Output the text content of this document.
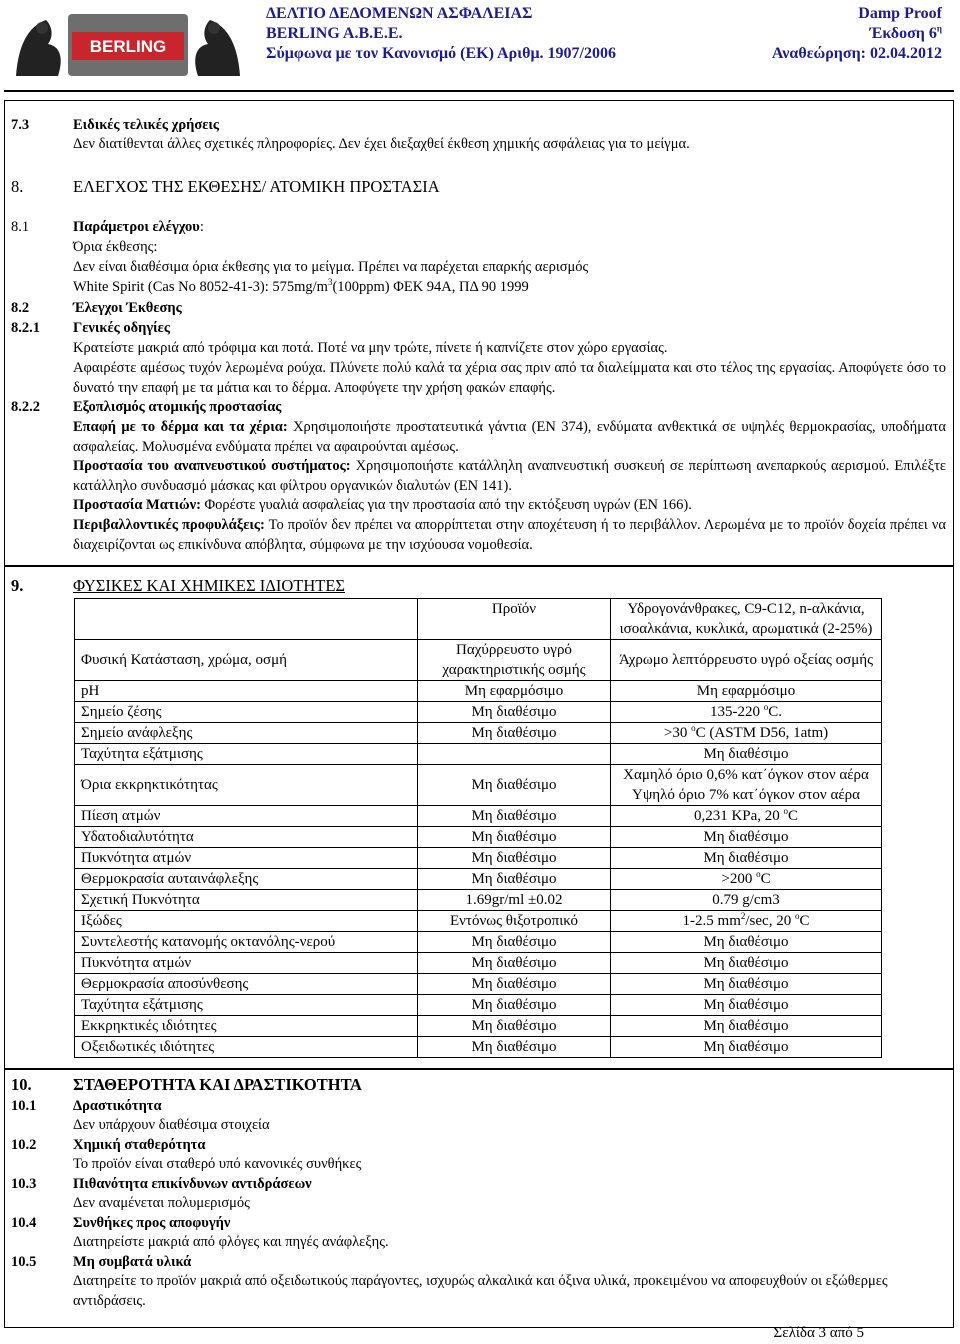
BERLING
ΔΕΛΤΙΟ ΔΕΔΟΜΕΝΩΝ ΑΣΦΑΛΕΙΑΣ
BERLING A.B.E.E.
Σύμφωνα με τον Κανονισμό (ΕΚ) Αριθμ. 1907/2006
Damp Proof
Έκδοση $6^\eta$
Αναθεώρηση: 02.04.2012
7.3	Ειδικές τελικές χρήσεις
Δεν διατίθενται άλλες σχετικές πληροφορίες. Δεν έχει διεξαχθεί έκθεση χημικής ασφάλειας για το μείγμα.
8.	ΕΛΕΓΧΟΣ ΤΗΣ ΕΚΘΕΣΗΣ/ ΑΤΟΜΙΚΗ ΠΡΟΣΤΑΣΙΑ
8.1	Παράμετροι ελέγχου:
Όρια έκθεσης:
Δεν είναι διαθέσιμα όρια έκθεσης για το μείγμα. Πρέπει να παρέχεται επαρκής αερισμός
White Spirit (Cas No 8052-41-3): $575mg/m^3(100ppm)$ ΦΕΚ 94Α, ΠΔ 90 1999
8.2	Έλεγχοι Έκθεσης
8.2.1	Γενικές οδηγίες
Κρατείστε μακριά από τρόφιμα και ποτά. Ποτέ να μην τρώτε, πίνετε ή καπνίζετε στον χώρο εργασίας.
Αφαιρέστε αμέσως τυχόν λερωμένα ρούχα. Πλύνετε πολύ καλά τα χέρια σας πριν από τα διαλείμματα και στο τέλος της εργασίας. Αποφύγετε όσο το δυνατό την επαφή με τα μάτια και το δέρμα. Αποφύγετε την χρήση φακών επαφής.
8.2.2	Εξοπλισμός ατομικής προστασίας
Επαφή με το δέρμα και τα χέρια: Χρησιμοποιήστε προστατευτικά γάντια (EN 374), ενδύματα ανθεκτικά σε υψηλές θερμοκρασίας, υποδήματα ασφαλείας. Μολυσμένα ενδύματα πρέπει να αφαιρούνται αμέσως.
Προστασία του αναπνευστικού συστήματος: Χρησιμοποιήστε κατάλληλη αναπνευστική συσκευή σε περίπτωση ανεπαρκούς αερισμού. Επιλέξτε κατάλληλο συνδυασμό μάσκας και φίλτρου οργανικών διαλυτών (ΕΝ 141).
Προστασία Ματιών: Φορέστε γυαλιά ασφαλείας για την προστασία από την εκτόξευση υγρών (ΕΝ 166).
Περιβαλλοντικές προφυλάξεις: Το προϊόν δεν πρέπει να απορρίπτεται στην αποχέτευση ή το περιβάλλον. Λερωμένα με το προϊόν δοχεία πρέπει να διαχειρίζονται ως επικίνδυνα απόβλητα, σύμφωνα με την ισχύουσα νομοθεσία.
9.	ΦΥΣΙΚΕΣ ΚΑΙ ΧΗΜΙΚΕΣ ΙΔΙΟΤΗΤΕΣ
	Προϊόν	Υδρογονάνθρακες, C9-C12, n-αλκάνια, ισοαλκάνια, κυκλικά, αρωματικά (2-25%)
Φυσική Κατάσταση, χρώμα, οσμή	Παχύρρευστο υγρό χαρακτηριστικής οσμής	Άχρωμο λεπτόρρευστο υγρό οξείας οσμής
pH	Μη εφαρμόσιμο	Μη εφαρμόσιμο
Σημείο ζέσης	Μη διαθέσιμο	135-220 $^o$C.
Σημείο ανάφλεξης	Μη διαθέσιμο	>30 $^o$C (ASTM D56, 1atm)
Ταχύτητα εξάτμισης		Μη διαθέσιμο
Όρια εκκρηκτικότητας	Μη διαθέσιμο	Χαμηλό όριο 0,6% κατ΄όγκον στον αέρα
Υψηλό όριο 7% κατ΄όγκον στον αέρα
Πίεση ατμών	Μη διαθέσιμο	0,231 KPa, 20 $^o$C
Υδατοδιαλυτότητα	Μη διαθέσιμο	Μη διαθέσιμο
Πυκνότητα ατμών	Μη διαθέσιμο	Μη διαθέσιμο
Θερμοκρασία αυταινάφλεξης	Μη διαθέσιμο	>200 $^o$C
Σχετική Πυκνότητα	1.69gr/ml ±0.02	0.79 g/cm3
Ιξώδες	Εντόνως θιξοτροπικό	1-2.5 $mm^2/\sec$, 20 $^o$C
Συντελεστής κατανομής οκτανόλης-νερού	Μη διαθέσιμο	Μη διαθέσιμο
Πυκνότητα ατμών	Μη διαθέσιμο	Μη διαθέσιμο
Θερμοκρασία αποσύνθεσης	Μη διαθέσιμο	Μη διαθέσιμο
Ταχύτητα εξάτμισης	Μη διαθέσιμο	Μη διαθέσιμο
Εκκρηκτικές ιδιότητες	Μη διαθέσιμο	Μη διαθέσιμο
Οξειδωτικές ιδιότητες	Μη διαθέσιμο	Μη διαθέσιμο
10.	ΣΤΑΘΕΡΟΤΗΤΑ ΚΑΙ ΔΡΑΣΤΙΚΟΤΗΤΑ
10.1	Δραστικότητα
Δεν υπάρχουν διαθέσιμα στοιχεία
10.2	Χημική σταθερότητα
Το προϊόν είναι σταθερό υπό κανονικές συνθήκες
10.3	Πιθανότητα επικίνδυνων αντιδράσεων
Δεν αναμένεται πολυμερισμός
10.4	Συνθήκες προς αποφυγήν
Διατηρείστε μακριά από φλόγες και πηγές ανάφλεξης.
10.5	Μη συμβατά υλικά
Διατηρείτε το προϊόν μακριά από οξειδωτικούς παράγοντες, ισχυρώς αλκαλικά και όξινα υλικά, προκειμένου να αποφευχθούν οι εξώθερμες αντιδράσεις.
Σελίδα 3 από 5
